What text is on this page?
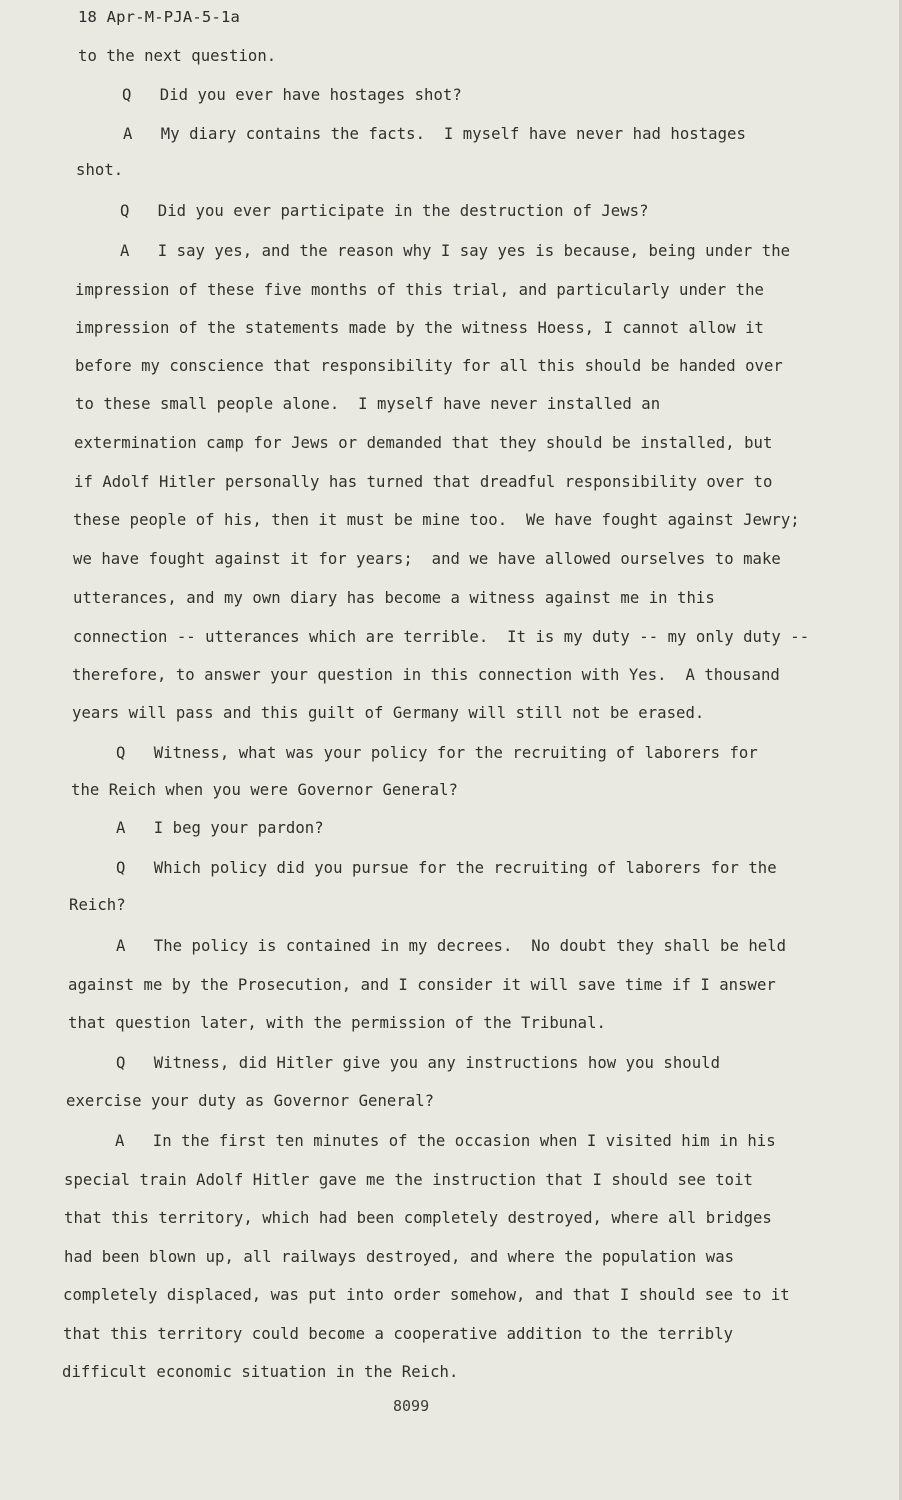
18 Apr-M-PJA-5-1a
to the next question.
Q   Did you ever have hostages shot?
A   My diary contains the facts.  I myself have never had hostages
shot.
Q   Did you ever participate in the destruction of Jews?
A   I say yes, and the reason why I say yes is because, being under the
impression of these five months of this trial, and particularly under the
impression of the statements made by the witness Hoess, I cannot allow it
before my conscience that responsibility for all this should be handed over
to these small people alone.  I myself have never installed an
extermination camp for Jews or demanded that they should be installed, but
if Adolf Hitler personally has turned that dreadful responsibility over to
these people of his, then it must be mine too.  We have fought against Jewry;
we have fought against it for years;  and we have allowed ourselves to make
utterances, and my own diary has become a witness against me in this
connection -- utterances which are terrible.  It is my duty -- my only duty --
therefore, to answer your question in this connection with Yes.  A thousand
years will pass and this guilt of Germany will still not be erased.
Q   Witness, what was your policy for the recruiting of laborers for
the Reich when you were Governor General?
A   I beg your pardon?
Q   Which policy did you pursue for the recruiting of laborers for the
Reich?
A   The policy is contained in my decrees.  No doubt they shall be held
against me by the Prosecution, and I consider it will save time if I answer
that question later, with the permission of the Tribunal.
Q   Witness, did Hitler give you any instructions how you should
exercise your duty as Governor General?
A   In the first ten minutes of the occasion when I visited him in his
special train Adolf Hitler gave me the instruction that I should see toit
that this territory, which had been completely destroyed, where all bridges
had been blown up, all railways destroyed, and where the population was
completely displaced, was put into order somehow, and that I should see to it
that this territory could become a cooperative addition to the terribly
difficult economic situation in the Reich.
8099
